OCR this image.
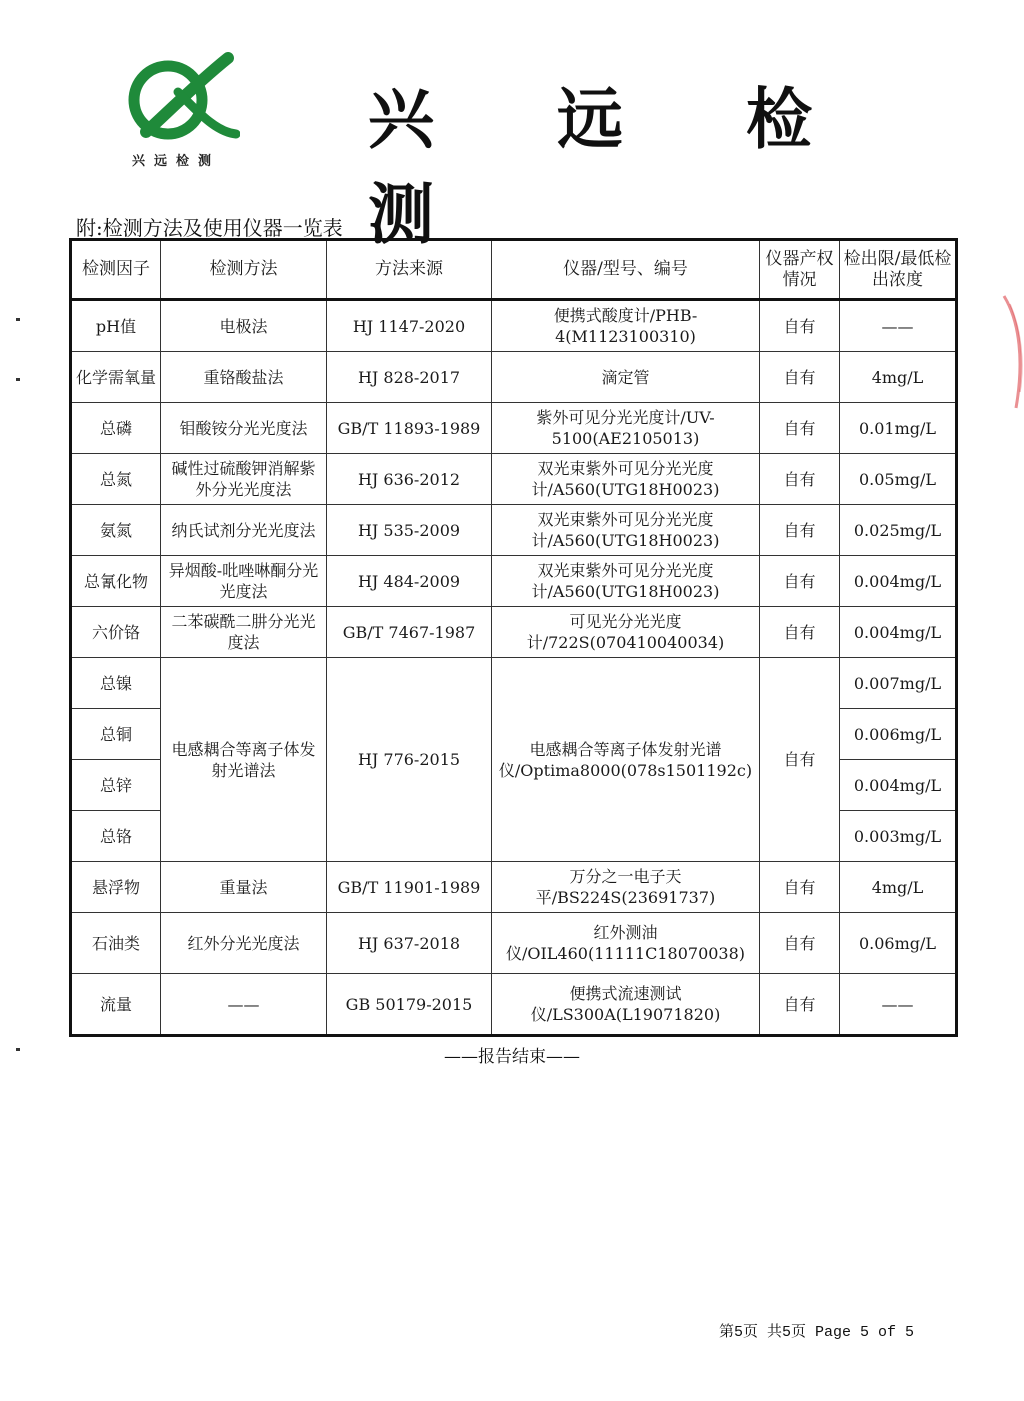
兴远检测
兴 远 检 测
附:检测方法及使用仪器一览表
检测因子	检测方法	方法来源	仪器/型号、编号	仪器产权情况	检出限/最低检出浓度
pH值	电极法	HJ 1147-2020	便携式酸度计/PHB-4(M1123100310)	自有	——
化学需氧量	重铬酸盐法	HJ 828-2017	滴定管	自有	4mg/L
总磷	钼酸铵分光光度法	GB/T 11893-1989	紫外可见分光光度计/UV-5100(AE2105013)	自有	0.01mg/L
总氮	碱性过硫酸钾消解紫外分光光度法	HJ 636-2012	双光束紫外可见分光光度计/A560(UTG18H0023)	自有	0.05mg/L
氨氮	纳氏试剂分光光度法	HJ 535-2009	双光束紫外可见分光光度计/A560(UTG18H0023)	自有	0.025mg/L
总氰化物	异烟酸-吡唑啉酮分光光度法	HJ 484-2009	双光束紫外可见分光光度计/A560(UTG18H0023)	自有	0.004mg/L
六价铬	二苯碳酰二肼分光光度法	GB/T 7467-1987	可见光分光光度计/722S(070410040034)	自有	0.004mg/L
总镍	电感耦合等离子体发射光谱法	HJ 776-2015	电感耦合等离子体发射光谱仪/Optima8000(078s1501192c)	自有	0.007mg/L
总铜					0.006mg/L
总锌					0.004mg/L
总铬					0.003mg/L
悬浮物	重量法	GB/T 11901-1989	万分之一电子天平/BS224S(23691737)	自有	4mg/L
石油类	红外分光光度法	HJ 637-2018	红外测油仪/OIL460(11111C18070038)	自有	0.06mg/L
流量	——	GB 50179-2015	便携式流速测试仪/LS300A(L19071820)	自有	——
——报告结束——
第5页 共5页 Page 5 of 5
